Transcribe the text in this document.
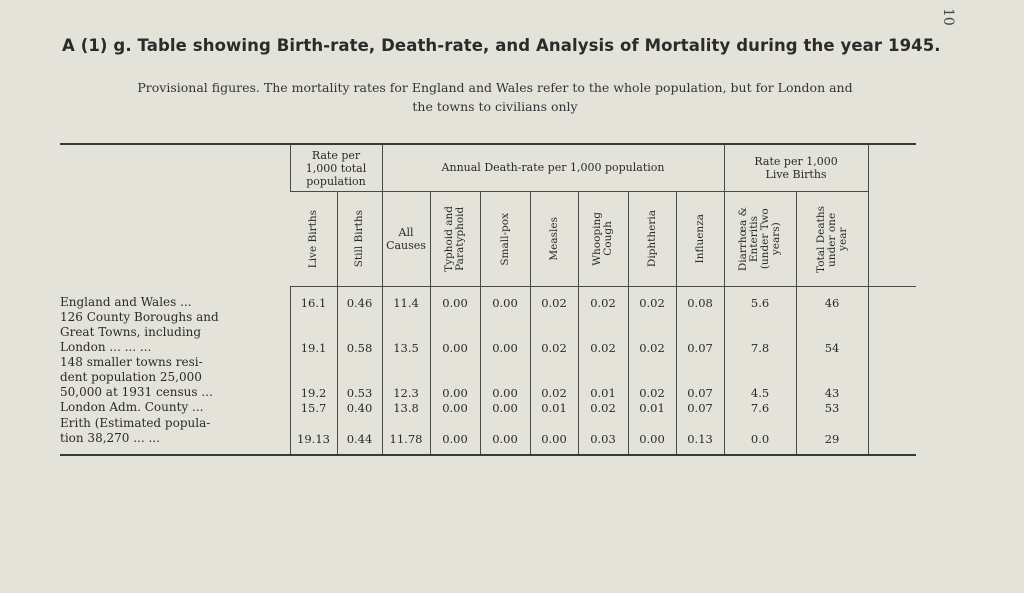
10
A (1) g. Table showing Birth-rate, Death-rate, and Analysis of Mortality during the year 1945.
Provisional figures. The mortality rates for England and Wales refer to the whole population, but for London and
the towns to civilians only
	Rate per
1,000 total
population		Annual Death-rate per 1,000 population							Rate per 1,000
Live Births		

	Live Births	Still Births	All
Causes	Typhoid and
Paratyphoid	Small-pox	Measles	Whooping
Cough	Diphtheria	Influenza	Diarrhœa &
Enteritis
(under Two
years)	Total Deaths
under one
year	

England and Wales ...	16.1	0.46	11.4	0.00	0.00	0.02	0.02	0.02	0.08	5.6	46	
126 County Boroughs and
Great Towns, including
London ... ... ...	19.1	0.58	13.5	0.00	0.00	0.02	0.02	0.02	0.07	7.8	54	
148 smaller towns resi-
dent population 25,000
50,000 at 1931 census ...	19.2	0.53	12.3	0.00	0.00	0.02	0.01	0.02	0.07	4.5	43	
London Adm. County ...	15.7	0.40	13.8	0.00	0.00	0.01	0.02	0.01	0.07	7.6	53	
Erith (Estimated popula-
tion 38,270 ... ...	19.13	0.44	11.78	0.00	0.00	0.00	0.03	0.00	0.13	0.0	29	
